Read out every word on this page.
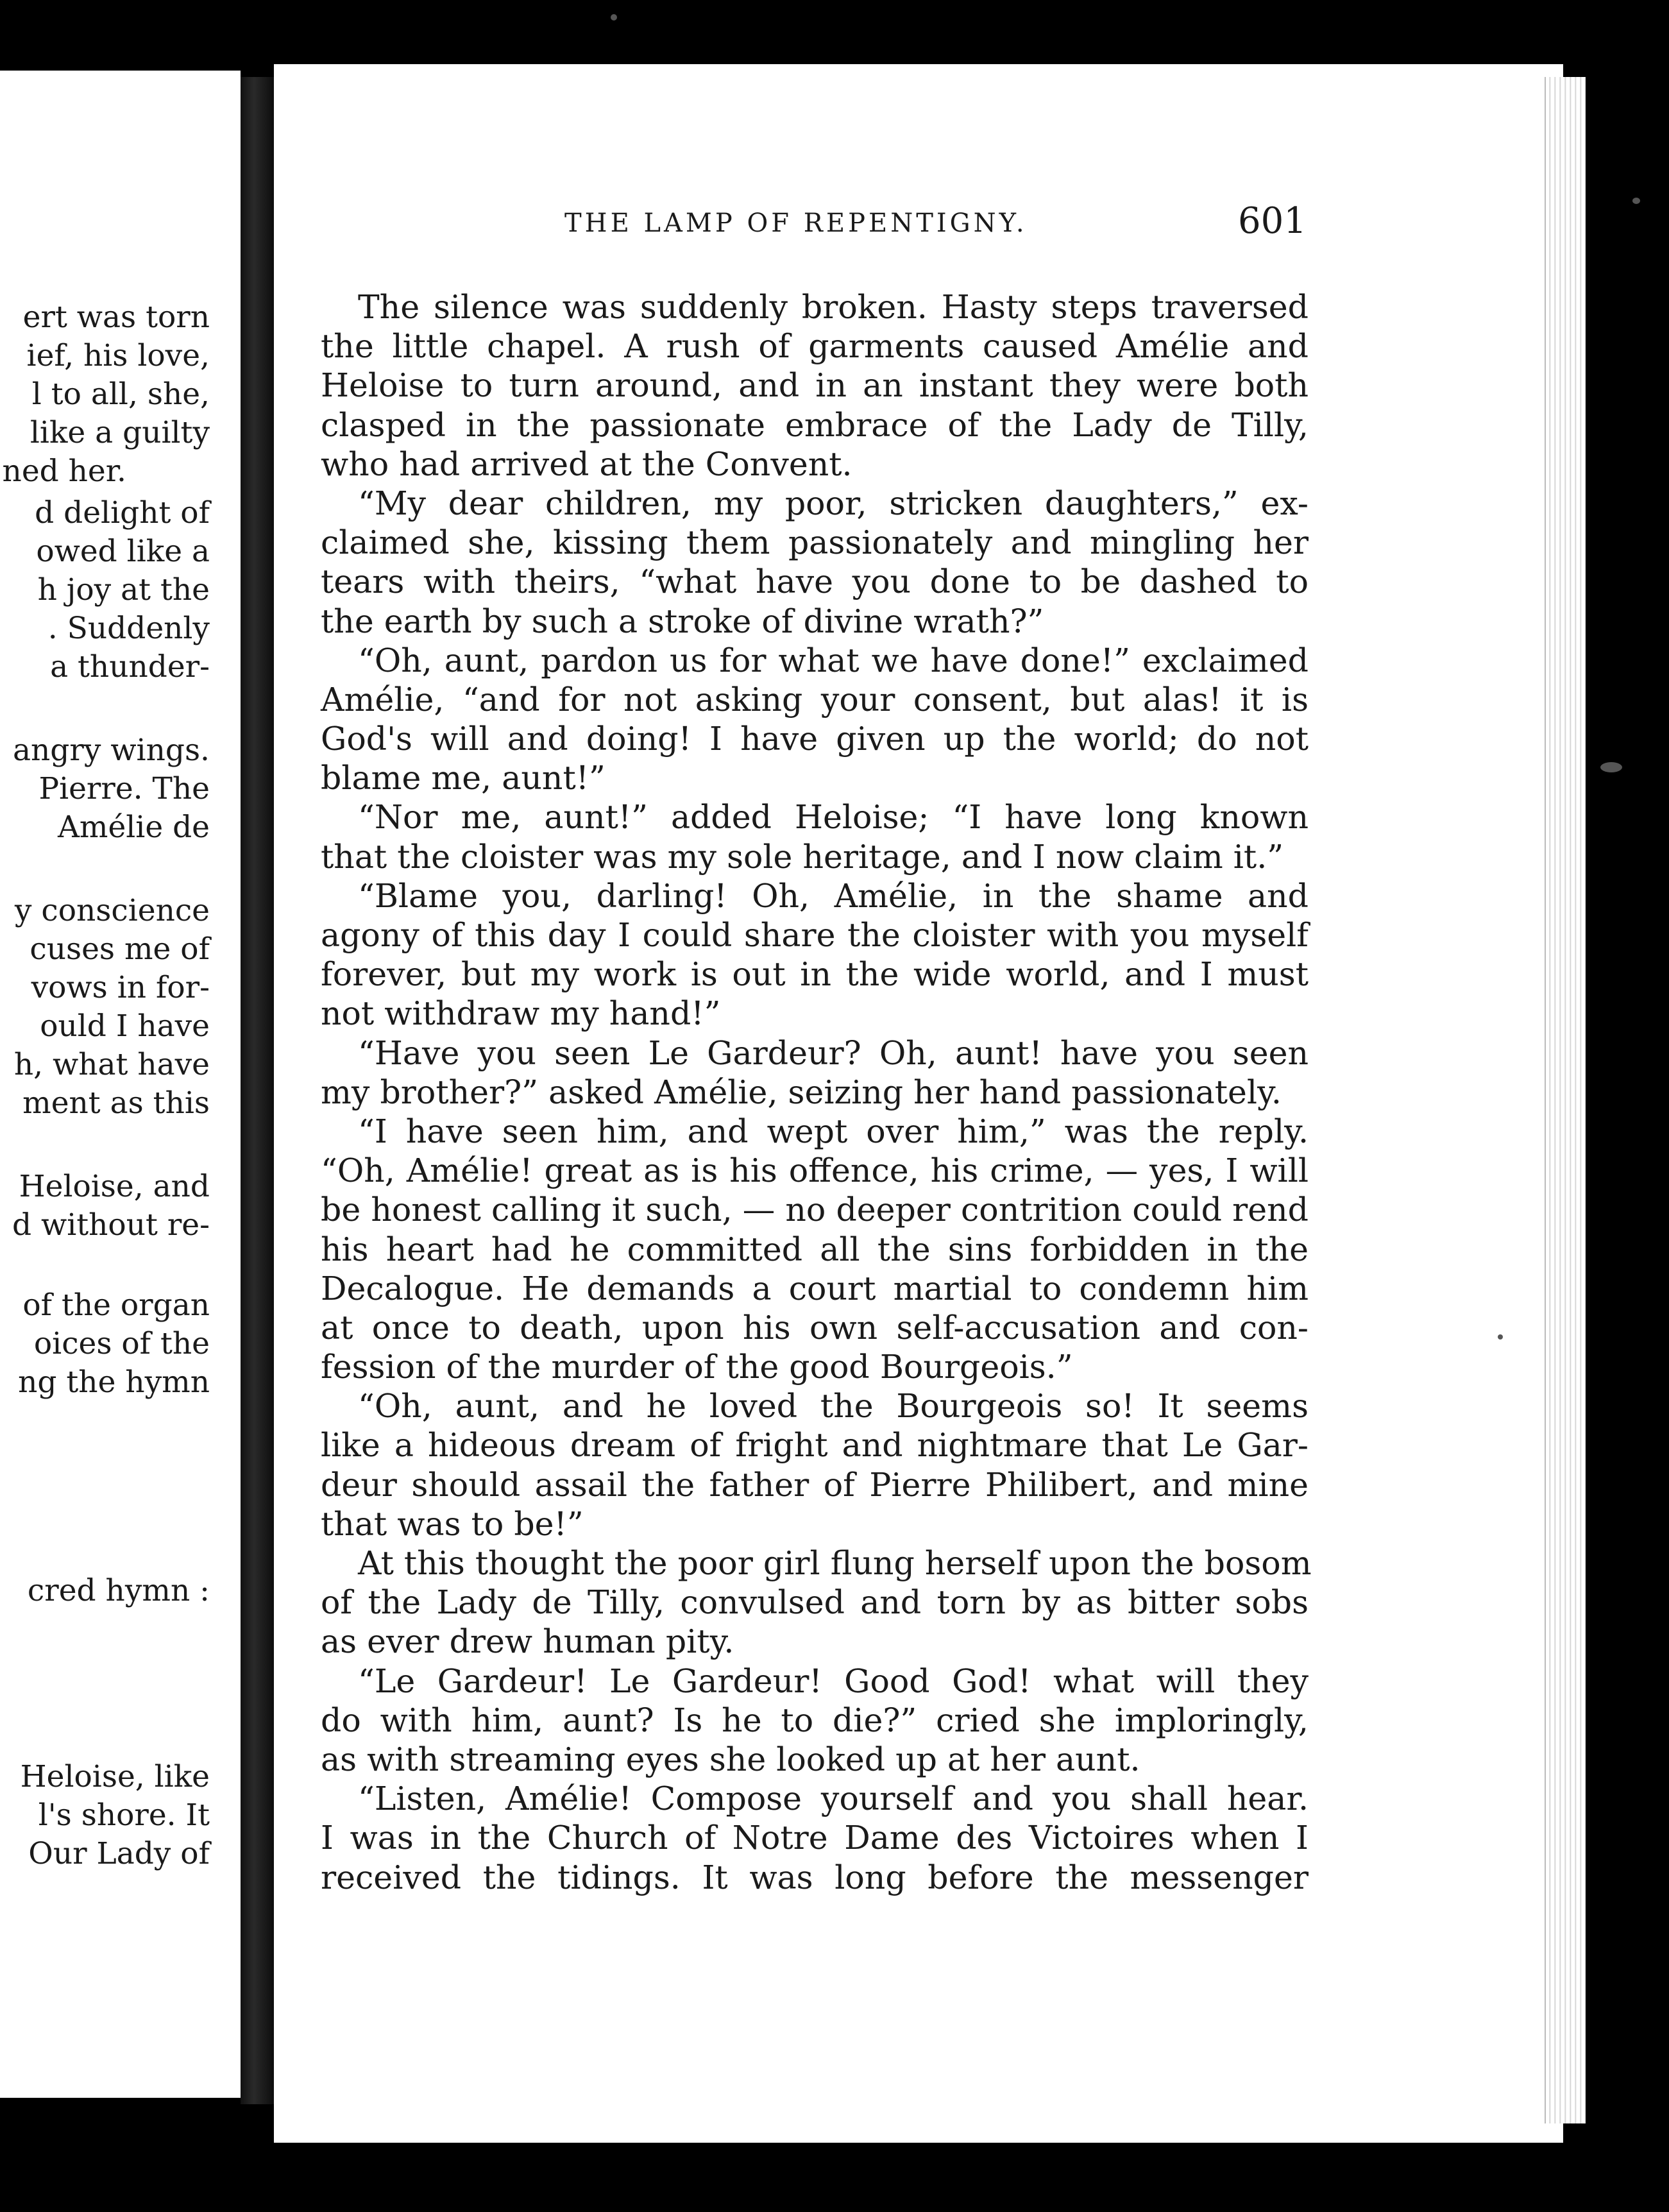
ert was torn
ief, his love,
l to all, she,
like a guilty
ned her.
d delight of
owed like a
h joy at the
. Suddenly
a thunder-
angry wings.
Pierre. The
Amélie de
y conscience
cuses me of
vows in for-
ould I have
h, what have
ment as this
Heloise, and
d without re-
of the organ
oices of the
ng the hymn
cred hymn :
Heloise, like
l's shore. It
Our Lady of
THE LAMP OF REPENTIGNY.	601
The silence was suddenly broken. Hasty steps traversed
the little chapel. A rush of garments caused Amélie and
Heloise to turn around, and in an instant they were both
clasped in the passionate embrace of the Lady de Tilly,
who had arrived at the Convent.
“My dear children, my poor, stricken daughters,” ex-
claimed she, kissing them passionately and mingling her
tears with theirs, “what have you done to be dashed to
the earth by such a stroke of divine wrath?”
“Oh, aunt, pardon us for what we have done!” exclaimed
Amélie, “and for not asking your consent, but alas! it is
God's will and doing! I have given up the world; do not
blame me, aunt!”
“Nor me, aunt!” added Heloise; “I have long known
that the cloister was my sole heritage, and I now claim it.”
“Blame you, darling! Oh, Amélie, in the shame and
agony of this day I could share the cloister with you myself
forever, but my work is out in the wide world, and I must
not withdraw my hand!”
“Have you seen Le Gardeur? Oh, aunt! have you seen
my brother?” asked Amélie, seizing her hand passionately.
“I have seen him, and wept over him,” was the reply.
“Oh, Amélie! great as is his offence, his crime, — yes, I will
be honest calling it such, — no deeper contrition could rend
his heart had he committed all the sins forbidden in the
Decalogue. He demands a court martial to condemn him
at once to death, upon his own self-accusation and con-
fession of the murder of the good Bourgeois.”
“Oh, aunt, and he loved the Bourgeois so! It seems
like a hideous dream of fright and nightmare that Le Gar-
deur should assail the father of Pierre Philibert, and mine
that was to be!”
At this thought the poor girl flung herself upon the bosom
of the Lady de Tilly, convulsed and torn by as bitter sobs
as ever drew human pity.
“Le Gardeur! Le Gardeur! Good God! what will they
do with him, aunt? Is he to die?” cried she imploringly,
as with streaming eyes she looked up at her aunt.
“Listen, Amélie! Compose yourself and you shall hear.
I was in the Church of Notre Dame des Victoires when I
received the tidings. It was long before the messenger
